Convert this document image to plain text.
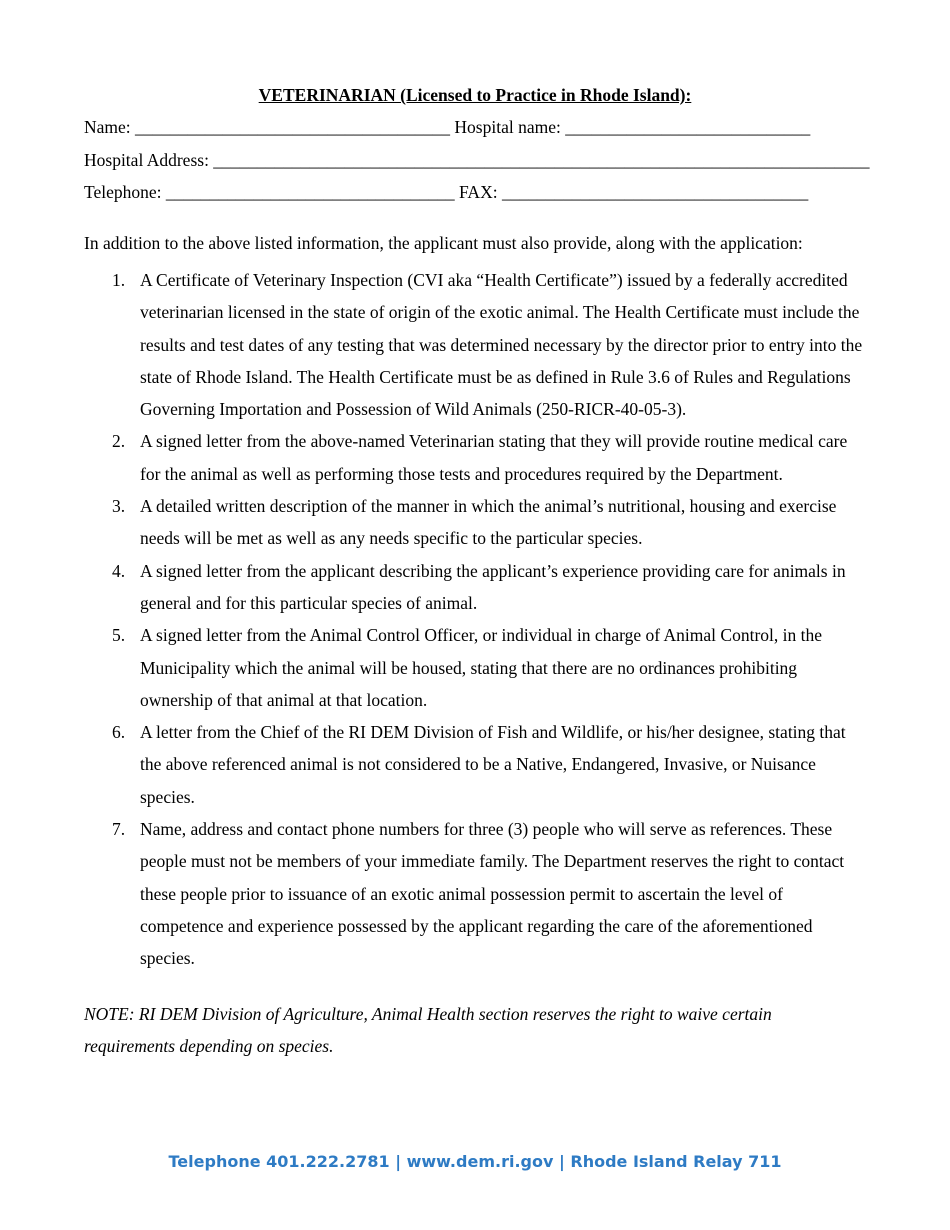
VETERINARIAN (Licensed to Practice in Rhode Island):
Name: ____________________________________ Hospital name: ____________________________
Hospital Address: ___________________________________________________________________________
Telephone: _________________________________ FAX: ___________________________________
In addition to the above listed information, the applicant must also provide, along with the application:
1. A Certificate of Veterinary Inspection (CVI aka “Health Certificate”) issued by a federally accredited veterinarian licensed in the state of origin of the exotic animal. The Health Certificate must include the results and test dates of any testing that was determined necessary by the director prior to entry into the state of Rhode Island. The Health Certificate must be as defined in Rule 3.6 of Rules and Regulations Governing Importation and Possession of Wild Animals (250-RICR-40-05-3).
2. A signed letter from the above-named Veterinarian stating that they will provide routine medical care for the animal as well as performing those tests and procedures required by the Department.
3. A detailed written description of the manner in which the animal’s nutritional, housing and exercise needs will be met as well as any needs specific to the particular species.
4. A signed letter from the applicant describing the applicant’s experience providing care for animals in general and for this particular species of animal.
5. A signed letter from the Animal Control Officer, or individual in charge of Animal Control, in the Municipality which the animal will be housed, stating that there are no ordinances prohibiting ownership of that animal at that location.
6. A letter from the Chief of the RI DEM Division of Fish and Wildlife, or his/her designee, stating that the above referenced animal is not considered to be a Native, Endangered, Invasive, or Nuisance species.
7. Name, address and contact phone numbers for three (3) people who will serve as references. These people must not be members of your immediate family. The Department reserves the right to contact these people prior to issuance of an exotic animal possession permit to ascertain the level of competence and experience possessed by the applicant regarding the care of the aforementioned species.
NOTE: RI DEM Division of Agriculture, Animal Health section reserves the right to waive certain requirements depending on species.
Telephone 401.222.2781 | www.dem.ri.gov | Rhode Island Relay 711
